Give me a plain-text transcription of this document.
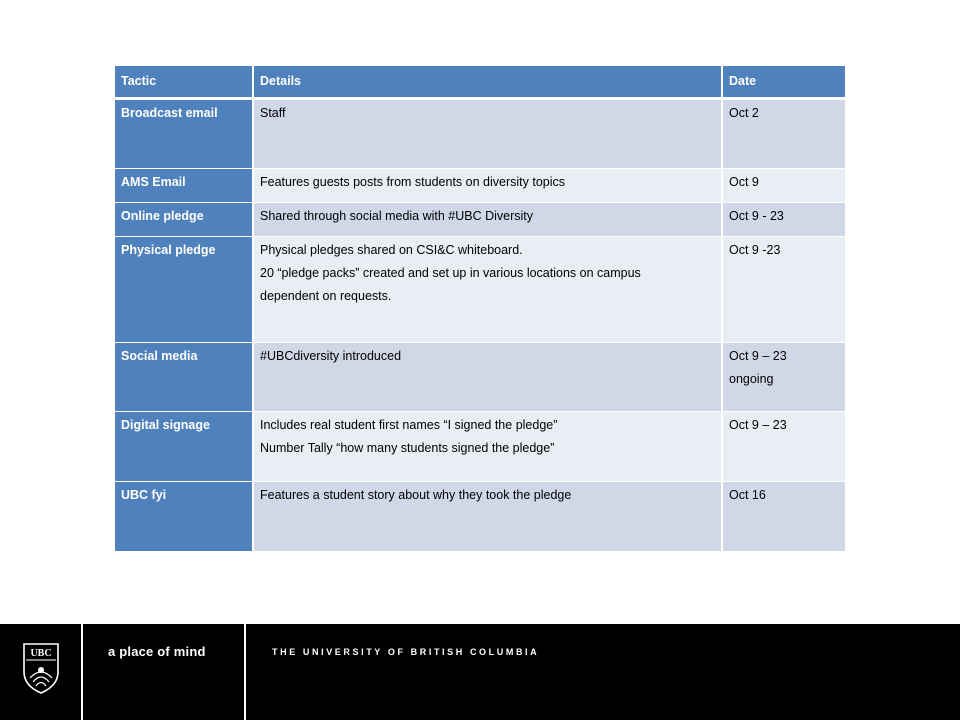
Tactic	Details	Date
Broadcast email	Staff	Oct 2

AMS Email	Features guests posts from students on diversity topics	Oct 9

Online pledge	Shared through social media with #UBC Diversity	Oct 9 - 23

Physical pledge	Physical pledges shared on CSI&C whiteboard.
20 “pledge packs” created and set up in various locations on campus
dependent on requests.	Oct 9 -23

Social media	#UBCdiversity introduced	Oct 9 – 23
ongoing

Digital signage	Includes real student first names “I signed the pledge”
Number Tally “how many students signed the pledge”	Oct 9 – 23

UBC fyi	Features a student story about why they took the pledge	Oct 16
UBC	a place of mind	THE UNIVERSITY OF BRITISH COLUMBIA
